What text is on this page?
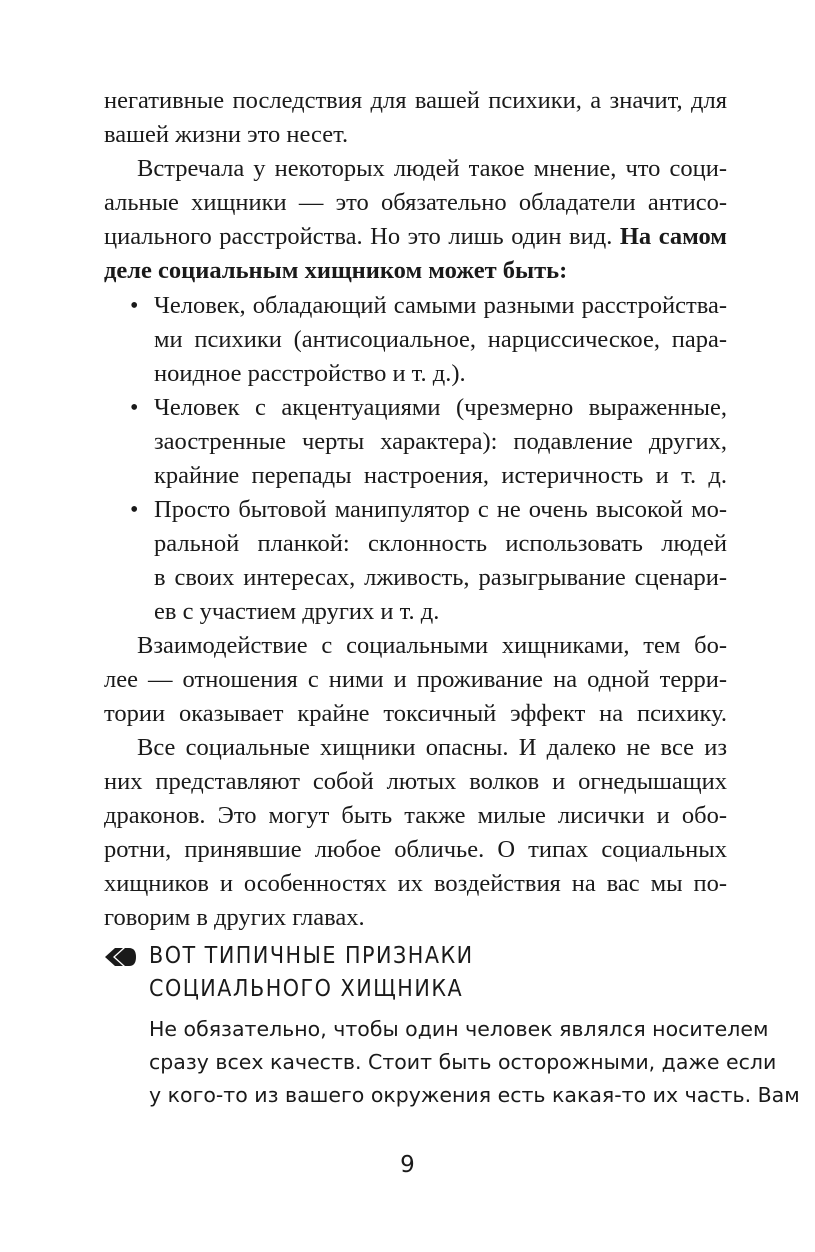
негативные последствия для вашей психики, а значит, для
вашей жизни это несет.
Встречала у некоторых людей такое мнение, что соци-
альные хищники — это обязательно обладатели антисо-
циального расстройства. Но это лишь один вид. На самом
деле социальным хищником может быть:
• Человек, обладающий самыми разными расстройства-
ми психики (антисоциальное, нарциссическое, пара-
ноидное расстройство и т. д.).
• Человек с акцентуациями (чрезмерно выраженные,
заостренные черты характера): подавление других,
крайние перепады настроения, истеричность и т. д.
• Просто бытовой манипулятор с не очень высокой мо-
ральной планкой: склонность использовать людей
в своих интересах, лживость, разыгрывание сценари-
ев с участием других и т. д.
Взаимодействие с социальными хищниками, тем бо-
лее — отношения с ними и проживание на одной терри-
тории оказывает крайне токсичный эффект на психику.
Все социальные хищники опасны. И далеко не все из
них представляют собой лютых волков и огнедышащих
драконов. Это могут быть также милые лисички и обо-
ротни, принявшие любое обличье. О типах социальных
хищников и особенностях их воздействия на вас мы по-
говорим в других главах.
ВОТ ТИПИЧНЫЕ ПРИЗНАКИ
СОЦИАЛЬНОГО ХИЩНИКА
Не обязательно, чтобы один человек являлся носителем
сразу всех качеств. Стоит быть осторожными, даже если
у кого-то из вашего окружения есть какая-то их часть. Вам
9
